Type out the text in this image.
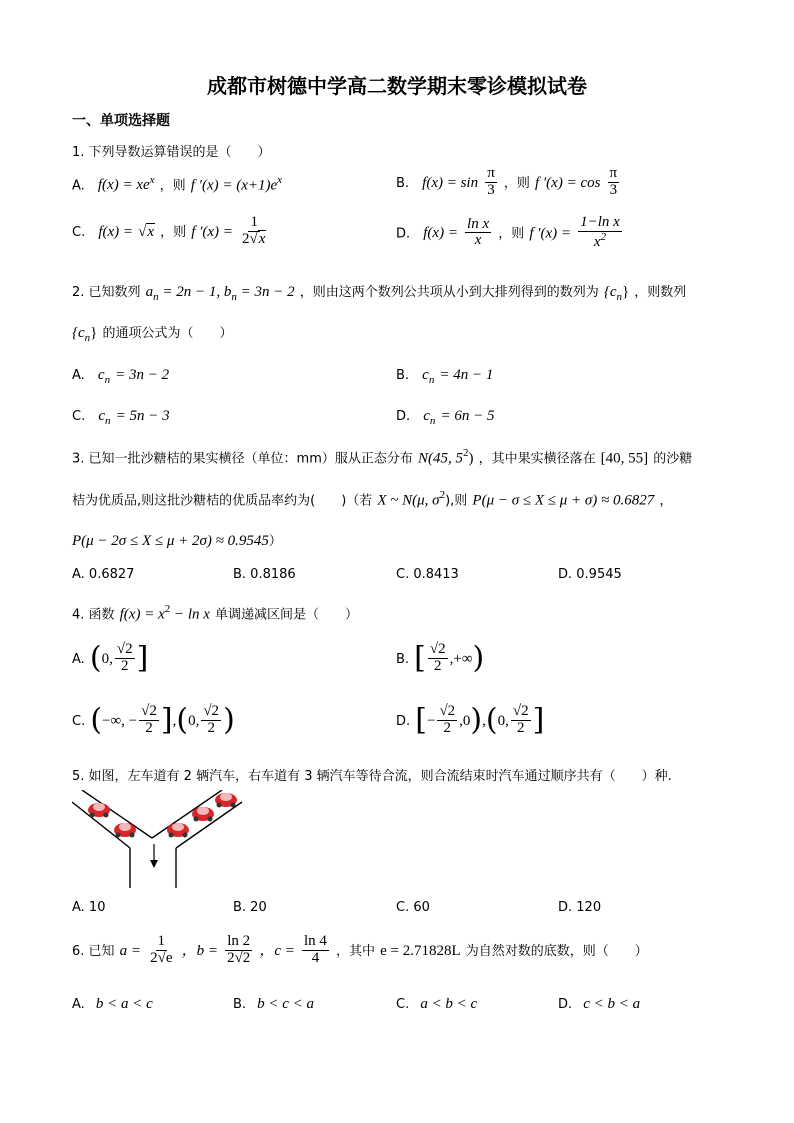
成都市树德中学高二数学期末零诊模拟试卷
一、单项选择题
1. 下列导数运算错误的是（　　）
A. $f(x) = xe^x$ ，则 f $'(x) = (x+1)e^x$	B. $f(x) = \sin \frac{\pi}{3}$ ，则 f $'(x) = \cos \frac{\pi}{3}$
C. f(x) = √x ，则 f $'(x) = \frac{1}{2√x}$	D. $f(x) = \frac{\text{ln x}}{x}$ ，则 f $'(x) = \frac{\text{1−ln x}}{x^2}$
2. 已知数列 $a_n = 2n - 1$, $b_n = 3n - 2$ ，则由这两个数列公共项从小到大排列得到的数列为 $\{c_n\}$ ，则数列
$\{c_n\}$ 的通项公式为（　　）
A. $c_n = 3n - 2$	B. $c_n = 4n - 1$
C. $c_n = 5n - 3$	D. $c_n = 6n - 5$
3. 已知一批沙糖桔的果实横径（单位：mm）服从正态分布 N(45, $5^2$) ，其中果实横径落在 [40, 55] 的沙糖
桔为优质品,则这批沙糖桔的优质品率约为(　　)（若 X ~ N(μ, $\sigma^2$),则 P(μ − σ ≤ X ≤ μ + σ) ≈ 0.6827 ，
P(μ − 2σ ≤ X ≤ μ + 2σ) ≈ 0.9545）
A. 0.6827	B. 0.8186	C. 0.8413	D. 0.9545
4. 函数 $f(x) = x^2 - \ln x$ 单调递减区间是（　　）
A. (0, $\frac{√2}{2}$ ]	B. [ $\frac{√2}{2}$ ,+∞)
C. (−∞, − $\frac{√2}{2} ],(0$, $\frac{√2}{2}$ )	D. [− $\frac{√2}{2} ,0),(0$, $\frac{√2}{2}$ ]
5. 如图，左车道有 2 辆汽车，右车道有 3 辆汽车等待合流，则合流结束时汽车通过顺序共有（　　）种.
A. 10	B. 20	C. 60	D. 120
6. 已知 $a = \frac{1}{2√e}$ ，$b = \frac{\ln 2}{2√2}$ ，$c = \frac{\ln 4}{4}$ ，其中 e = 2.71828L 为自然对数的底数，则（　　）
A. b < a < c	B. b < c < a	C. a < b < c	D. c < b < a
